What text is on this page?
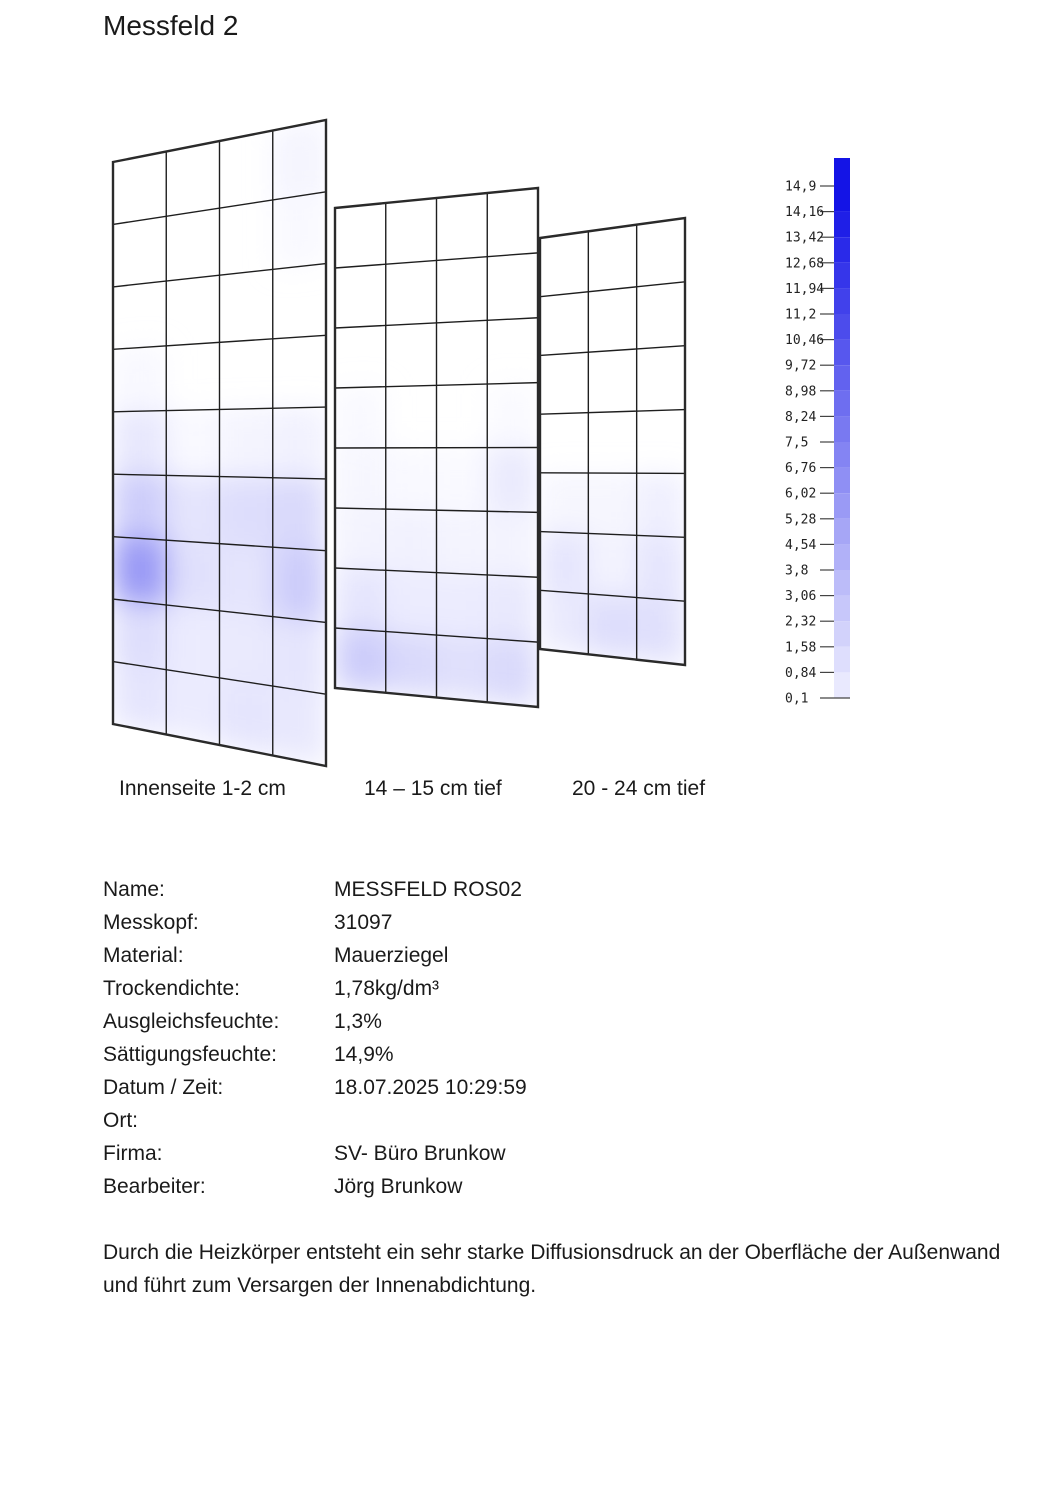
Messfeld 2
14,9
14,16
13,42
12,68
11,94
11,2
10,46
9,72
8,98
8,24
7,5
6,76
6,02
5,28
4,54
3,8
3,06
2,32
1,58
0,84
0,1
Innenseite 1-2 cm	14 – 15 cm tief	20 - 24 cm tief
Name:	MESSFELD ROS02
Messkopf:	31097
Material:	Mauerziegel
Trockendichte:	1,78kg/dm³
Ausgleichsfeuchte:	1,3%
Sättigungsfeuchte:	14,9%
Datum / Zeit:	18.07.2025 10:29:59
Ort:
Firma:	SV- Büro Brunkow
Bearbeiter:	Jörg Brunkow

Durch die Heizkörper entsteht ein sehr starke Diffusionsdruck an der Oberfläche der Außenwand und führt zum Versargen der Innenabdichtung.
